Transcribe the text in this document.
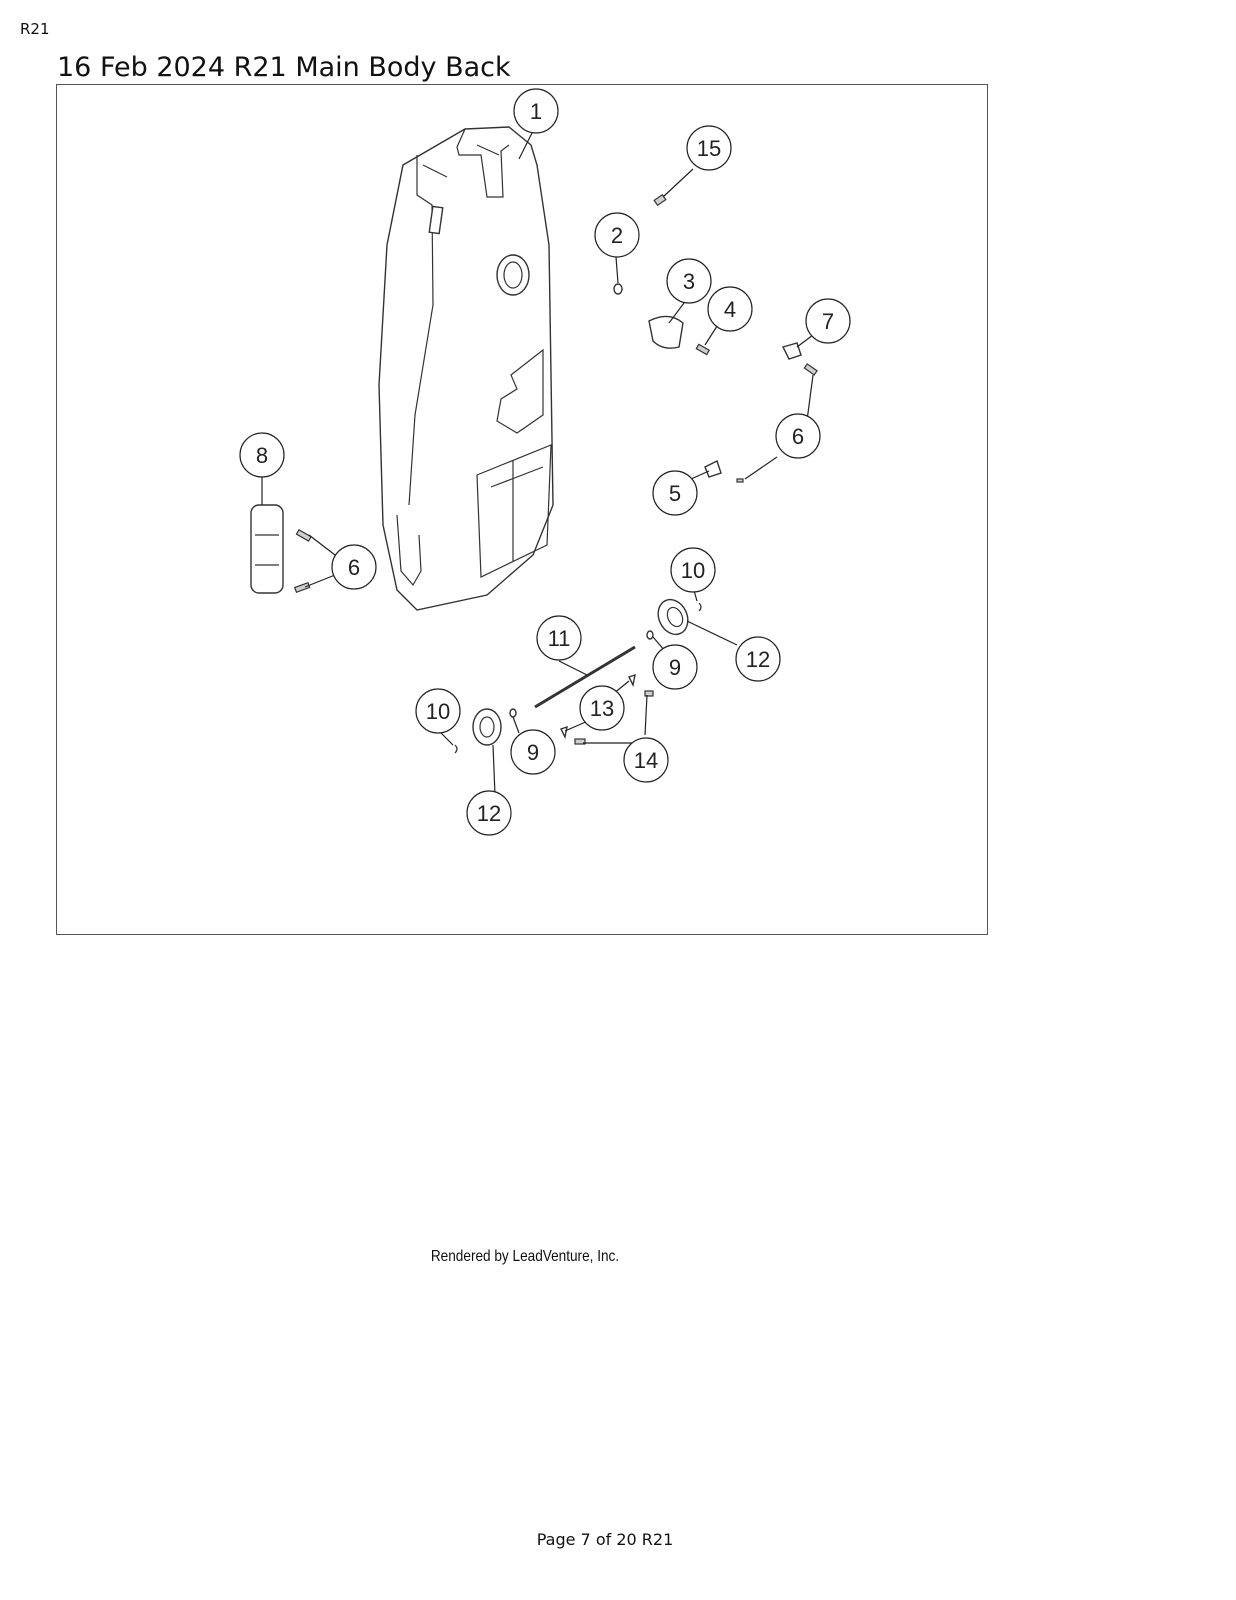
R21
16 Feb 2024 R21 Main Body Back
1
15
2
3
4	7
6
8
6
5
10
11
9	12
10	13
9	14
12
Rendered by LeadVenture, Inc.
Page 7 of 20 R21
